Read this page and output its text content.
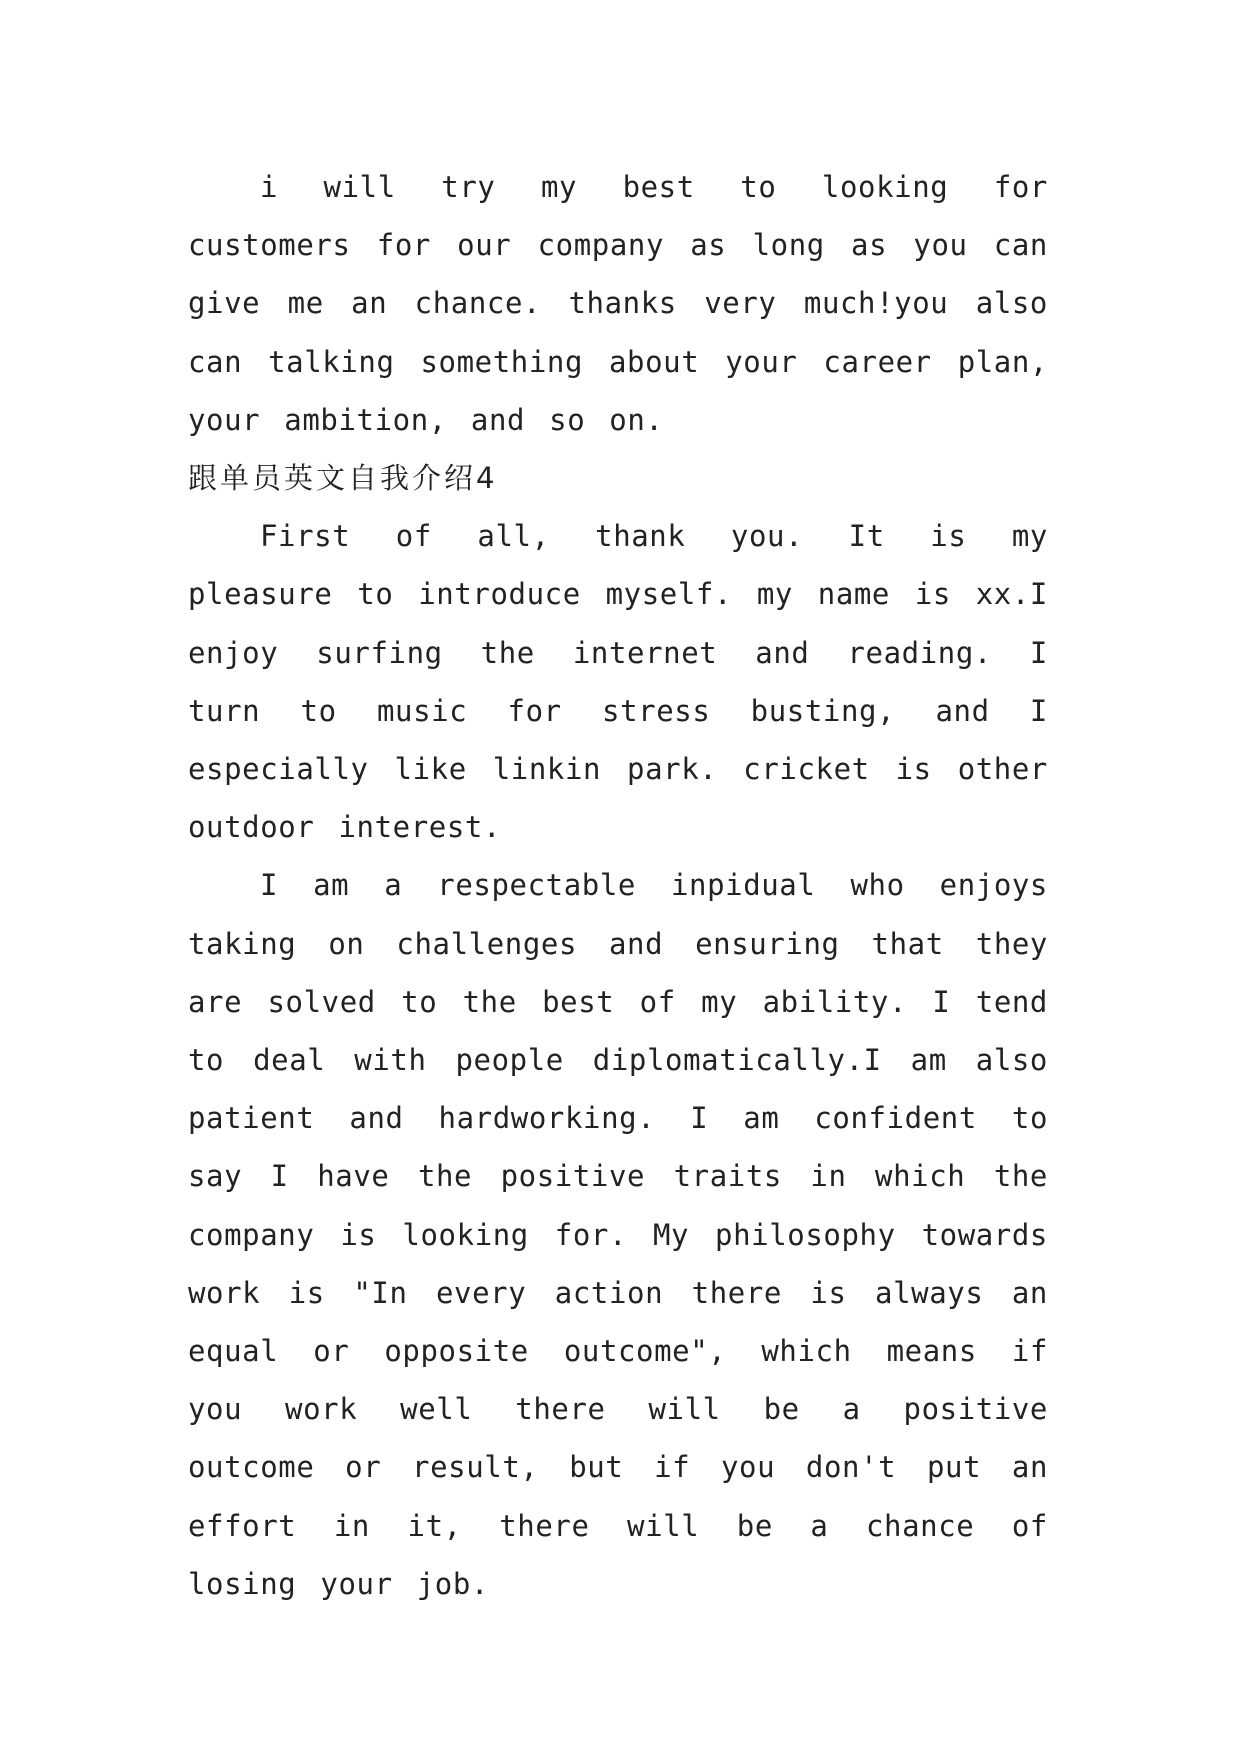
i will try my best to looking for customers for our company as long as you can give me an chance. thanks very much!you also can talking something about your career plan, your ambition, and so on.

跟单员英文自我介绍4

First of all, thank you. It is my pleasure to introduce myself. my name is xx.I enjoy surfing the internet and reading. I turn to music for stress busting, and I especially like linkin park. cricket is other outdoor interest.

I am a respectable inpidual who enjoys taking on challenges and ensuring that they are solved to the best of my ability. I tend to deal with people diplomatically.I am also patient and hardworking. I am confident to say I have the positive traits in which the company is looking for. My philosophy towards work is "In every action there is always an equal or opposite outcome", which means if you work well there will be a positive outcome or result, but if you don't put an effort in it, there will be a chance of losing your job.
